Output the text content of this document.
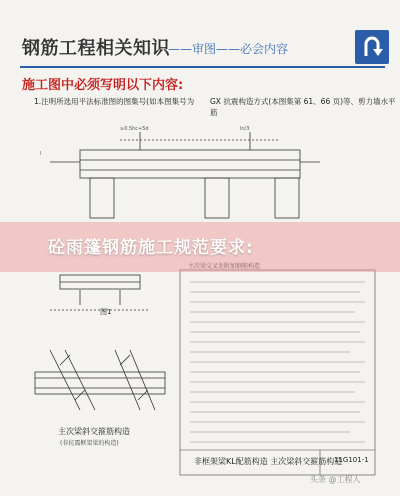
钢筋工程相关知识
——审图——必会内容
施工图中必须写明以下内容:
1.注明所选用平法标准图的图集号(如本图集号为 GX 抗震构造方式(本图集第 61、66 页)等、剪力墙水平筋
l
≥0.5hc+5d	ln/3
图1
主次梁交叉处附加钢筋构造
砼雨篷钢筋施工规范要求:
主次梁斜交箍筋构造
(非抗震框架梁的构造)
非框架梁KL配筋构造 主次梁斜交箍筋构造
11G101-1
头条 @工程人
